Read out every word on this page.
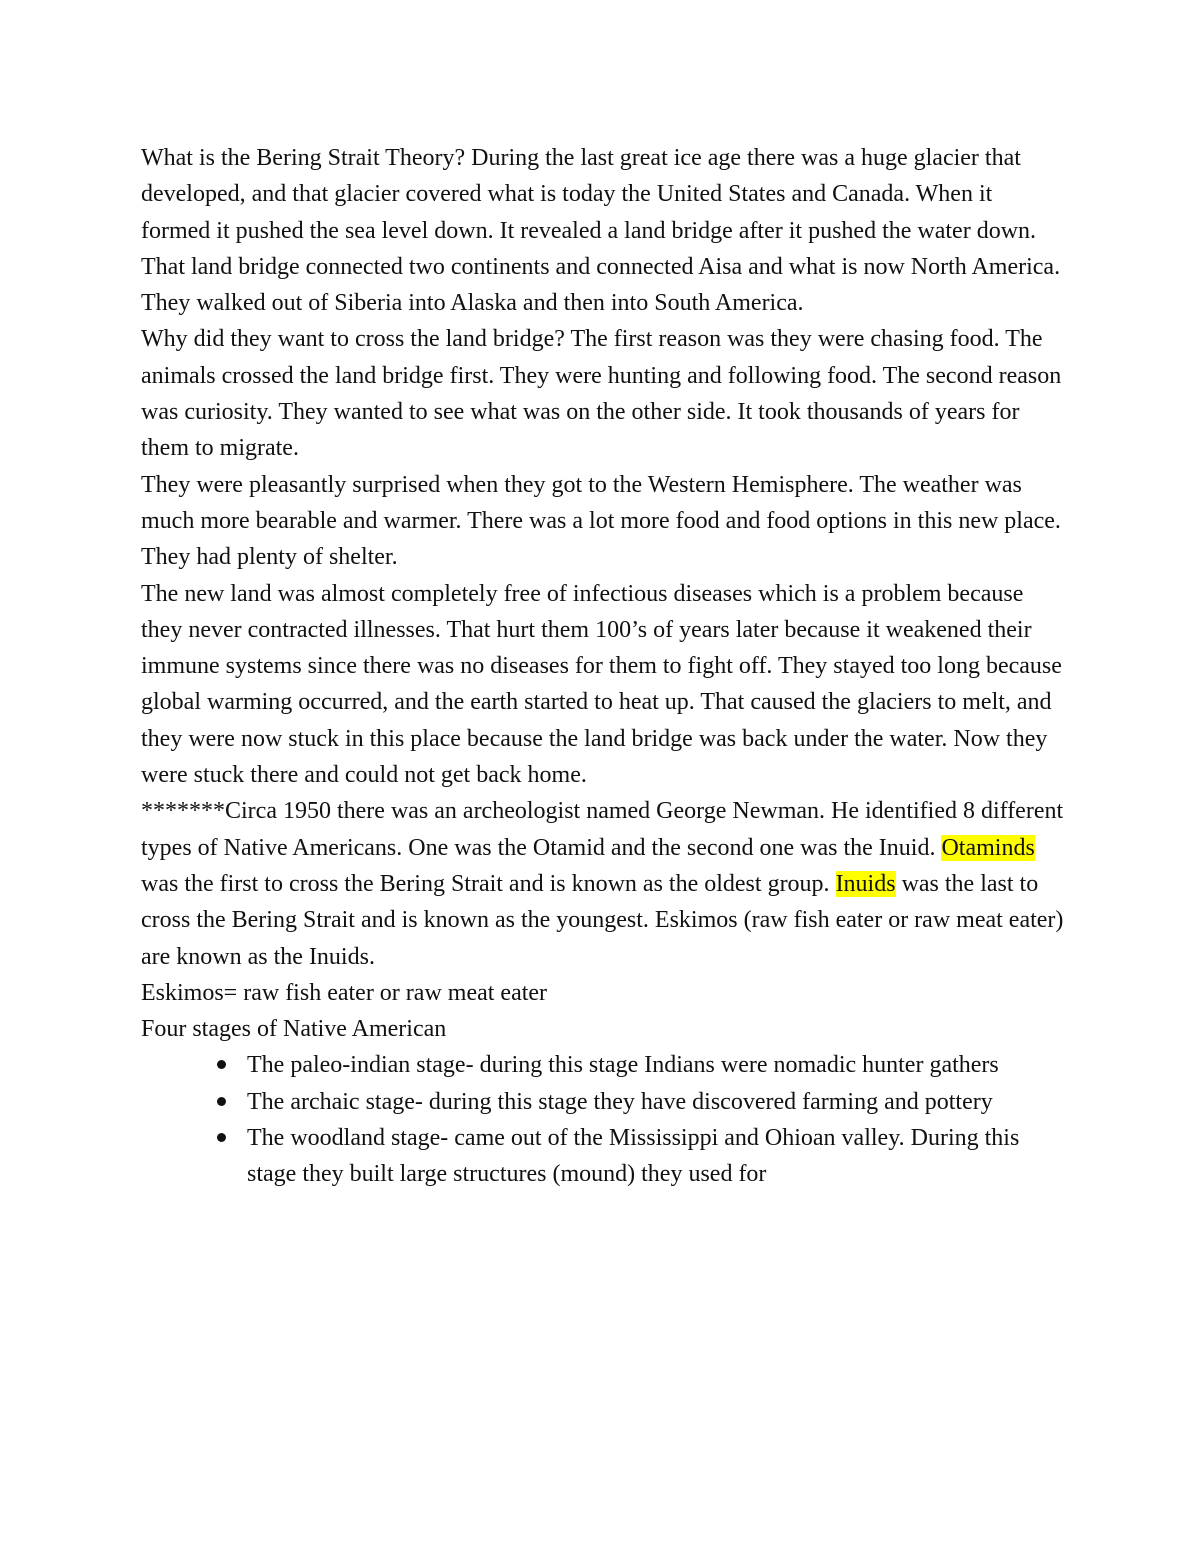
What is the Bering Strait Theory? During the last great ice age there was a huge glacier that developed, and that glacier covered what is today the United States and Canada. When it formed it pushed the sea level down. It revealed a land bridge after it pushed the water down. That land bridge connected two continents and connected Aisa and what is now North America. They walked out of Siberia into Alaska and then into South America.

Why did they want to cross the land bridge? The first reason was they were chasing food. The animals crossed the land bridge first. They were hunting and following food. The second reason was curiosity. They wanted to see what was on the other side. It took thousands of years for them to migrate.

They were pleasantly surprised when they got to the Western Hemisphere. The weather was much more bearable and warmer. There was a lot more food and food options in this new place. They had plenty of shelter.

The new land was almost completely free of infectious diseases which is a problem because they never contracted illnesses. That hurt them 100’s of years later because it weakened their immune systems since there was no diseases for them to fight off. They stayed too long because global warming occurred, and the earth started to heat up. That caused the glaciers to melt, and they were now stuck in this place because the land bridge was back under the water. Now they were stuck there and could not get back home.

*******Circa 1950 there was an archeologist named George Newman. He identified 8 different types of Native Americans. One was the Otamid and the second one was the Inuid. Otaminds was the first to cross the Bering Strait and is known as the oldest group. Inuids was the last to cross the Bering Strait and is known as the youngest. Eskimos (raw fish eater or raw meat eater) are known as the Inuids.

Eskimos= raw fish eater or raw meat eater

Four stages of Native American

The paleo-indian stage- during this stage Indians were nomadic hunter gathers
The archaic stage- during this stage they have discovered farming and pottery
The woodland stage- came out of the Mississippi and Ohioan valley. During this stage they built large structures (mound) they used for
